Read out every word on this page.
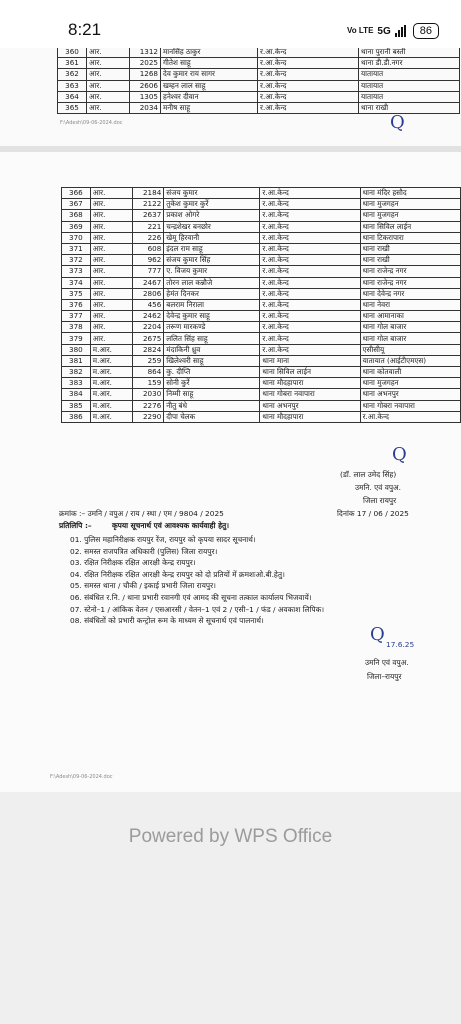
8:21	Vo LTE 5G	86
360	आर.	1312	मानसिंह ठाकुर	र.आ.केन्द	थाना पुरानी बस्ती
361	आर.	2025	गीतेश साहू	र.आ.केन्द	थाना डी.डी.नगर
362	आर.	1268	देव कुमार राय सागर	र.आ.केन्द	यातायात
363	आर.	2606	खम्हन लाल साहू	र.आ.केन्द	यातायात
364	आर.	1305	हनेश्वर दीवान	र.आ.केन्द	यातायात
365	आर.	2034	मनीष साहू	र.आ.केन्द	थाना राखी
F:\Adesh\09-06-2024.doc	Q
366	आर.	2184	संजय कुमार	र.आ.केन्द	थाना मंदिर हसौद
367	आर.	2122	तुकेश कुमार कुर्रे	र.आ.केन्द	थाना मुजगहन
368	आर.	2637	प्रकाश ओगरे	र.आ.केन्द	थाना मुजगहन
369	आर.	221	चन्द्रशेखर बनछोर	र.आ.केन्द	थाना सिविल लाईन
370	आर.	226	खेमू हिरवानी	र.आ.केन्द	थाना टिकरापारा
371	आर.	608	इंदल राम साहू	र.आ.केन्द	थाना राखी
372	आर.	962	संजय कुमार सिंह	र.आ.केन्द	थाना राखी
373	आर.	777	ए. विजय कुमार	र.आ.केन्द	थाना राजेन्द्र नगर
374	आर.	2467	तोरन लाल कन्नौजे	र.आ.केन्द	थाना राजेन्द्र नगर
375	आर.	2806	हेमंत दिनकर	र.आ.केन्द	थाना देवेन्द्र नगर
376	आर.	456	बलराम निराला	र.आ.केन्द	थाना नेवरा
377	आर.	2462	देवेन्द्र कुमार साहू	र.आ.केन्द	थाना आमानाका
378	आर.	2204	तरूण मारकण्डे	र.आ.केन्द	थाना गोल बाजार
379	आर.	2675	ललित सिंह साहू	र.आ.केन्द	थाना गोल बाजार
380	म.आर.	2824	मंदाकिनी ध्रुव	र.आ.केन्द	एसीसीयू
381	म.आर.	259	खिलेश्वरी साहू	थाना माना	यातायात (आईटीएमएस)
382	म.आर.	864	कु. दीप्ति	थाना सिविल लाईन	थाना कोतवाली
383	म.आर.	159	सोनी कुर्रे	थाना मौदहापारा	थाना मुजगहन
384	म.आर.	2030	निम्मी साहू	थाना गोबरा नवापारा	थाना अभनपुर
385	म.आर.	2276	नीतु बंधे	थाना अभनपुर	थाना गोबरा नवापारा
386	म.आर.	2290	दीपा चेलक	थाना मौदहापारा	र.आ.केन्द
Q
(डॉ. लाल उमेद सिंह)
उमनि. एवं वपुअ.
जिला रायपुर
क्रमांक :– उमनि / वपुअ / राय / स्था / एम / 9804 / 2025	दिनांक 17 / 06 / 2025
प्रतिलिपि :–	कृपया सूचनार्थ एवं आवश्यक कार्यवाही हेतु।
01. पुलिस महानिरीक्षक रायपुर रेंज, रायपुर को कृपया सादर सूचनार्थ।
02. समस्त राजपत्रित अधिकारी (पुलिस) जिला रायपुर।
03. रक्षित निरीक्षक रक्षित आरक्षी केन्द्र रायपुर।
04. रक्षित निरीक्षक रक्षित आरक्षी केन्द्र रायपुर को दो प्रतियों में क्रमशःओ.बी.हेतु।
05. समस्त थाना / चौकी / इकाई प्रभारी जिला रायपुर।
06. संबंधित र.नि. / थाना प्रभारी रवानगी एवं आमद की सूचना तत्काल कार्यालय भिजवायें।
07. स्टेनो–1 / आंकिक वेतन / एसआरसी / वेतन–1 एवं 2 / एसी–1 / फंड / अवकाश लिपिक।
08. संबंधितों को प्रभारी कन्ट्रोल रूम के माध्यम से सूचनार्थ एवं पालनार्थ।
Q 17.6.25
उमनि एवं वपुअ.
जिला–रायपुर
F:\Adesh\09-06-2024.doc
Powered by WPS Office
